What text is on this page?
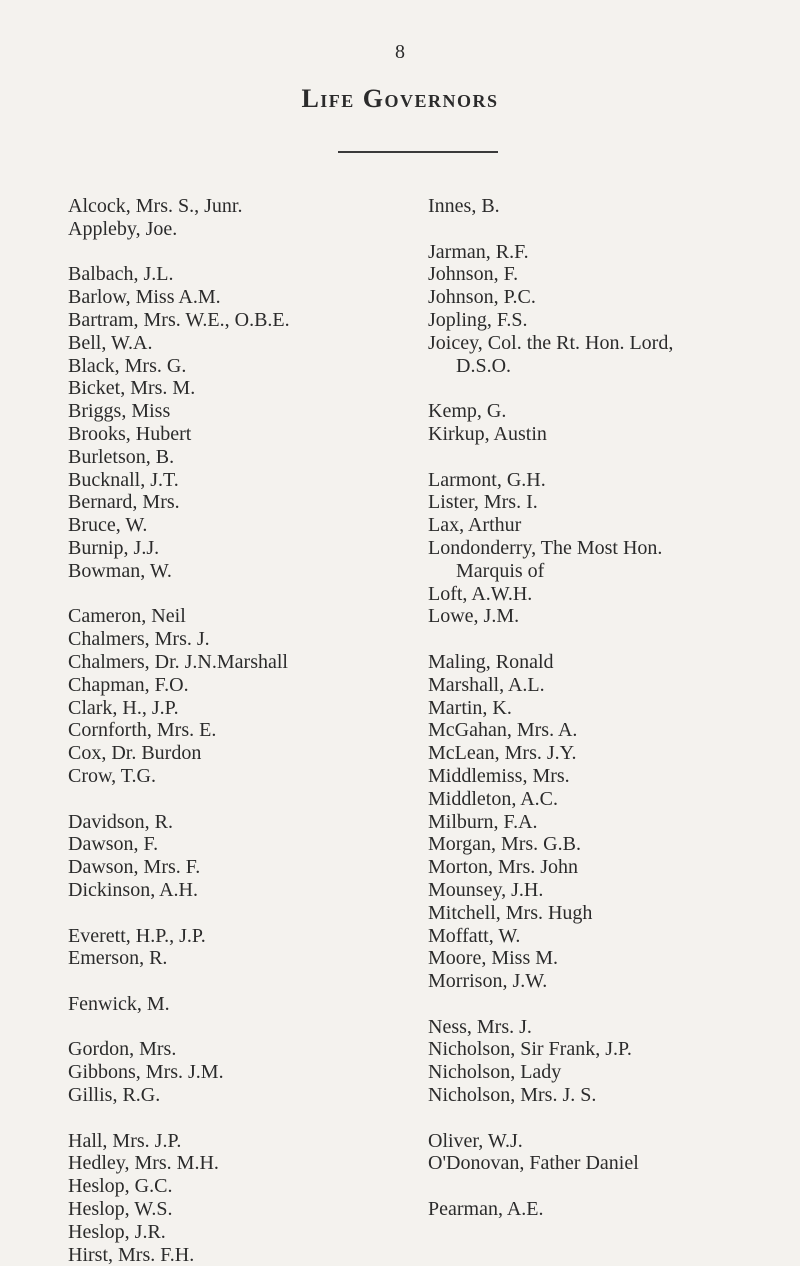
8
Life Governors
Alcock, Mrs. S., Junr.
Appleby, Joe.
Balbach, J.L.
Barlow, Miss A.M.
Bartram, Mrs. W.E., O.B.E.
Bell, W.A.
Black, Mrs. G.
Bicket, Mrs. M.
Briggs, Miss
Brooks, Hubert
Burletson, B.
Bucknall, J.T.
Bernard, Mrs.
Bruce, W.
Burnip, J.J.
Bowman, W.
Cameron, Neil
Chalmers, Mrs. J.
Chalmers, Dr. J.N.Marshall
Chapman, F.O.
Clark, H., J.P.
Cornforth, Mrs. E.
Cox, Dr. Burdon
Crow, T.G.
Davidson, R.
Dawson, F.
Dawson, Mrs. F.
Dickinson, A.H.
Everett, H.P., J.P.
Emerson, R.
Fenwick, M.
Gordon, Mrs.
Gibbons, Mrs. J.M.
Gillis, R.G.
Hall, Mrs. J.P.
Hedley, Mrs. M.H.
Heslop, G.C.
Heslop, W.S.
Heslop, J.R.
Hirst, Mrs. F.H.
Innes, B.
Jarman, R.F.
Johnson, F.
Johnson, P.C.
Jopling, F.S.
Joicey, Col. the Rt. Hon. Lord,
D.S.O.
Kemp, G.
Kirkup, Austin
Larmont, G.H.
Lister, Mrs. I.
Lax, Arthur
Londonderry, The Most Hon.
Marquis of
Loft, A.W.H.
Lowe, J.M.
Maling, Ronald
Marshall, A.L.
Martin, K.
McGahan, Mrs. A.
McLean, Mrs. J.Y.
Middlemiss, Mrs.
Middleton, A.C.
Milburn, F.A.
Morgan, Mrs. G.B.
Morton, Mrs. John
Mounsey, J.H.
Mitchell, Mrs. Hugh
Moffatt, W.
Moore, Miss M.
Morrison, J.W.
Ness, Mrs. J.
Nicholson, Sir Frank, J.P.
Nicholson, Lady
Nicholson, Mrs. J. S.
Oliver, W.J.
O'Donovan, Father Daniel
Pearman, A.E.
